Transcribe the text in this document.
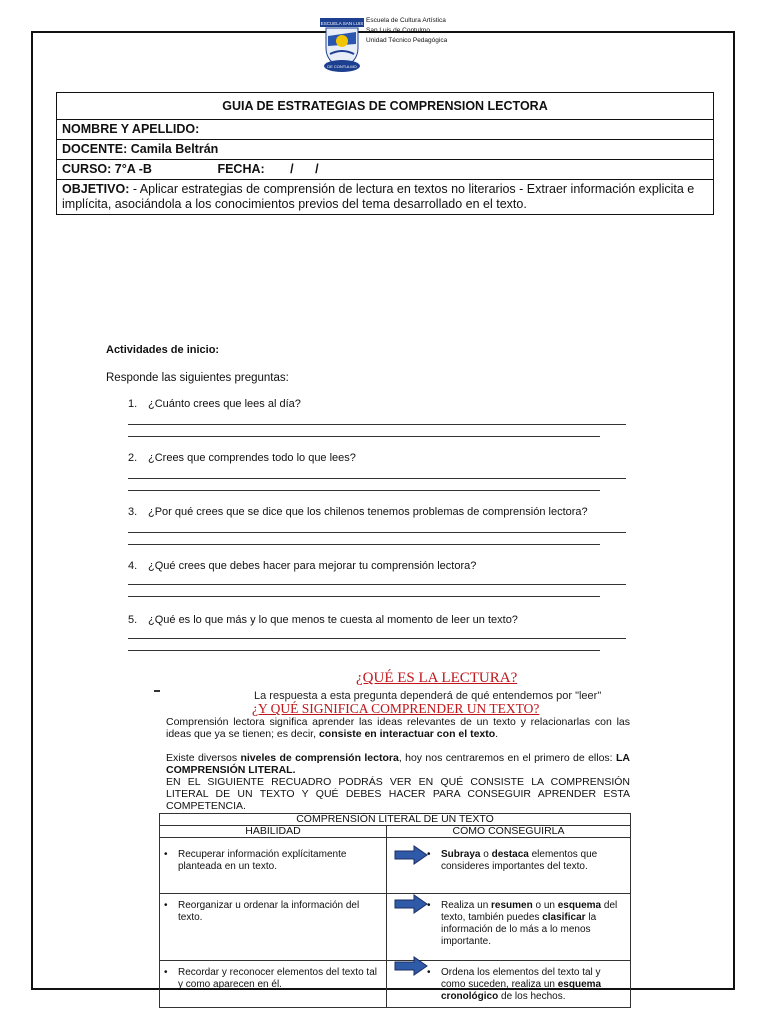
ESCUELA SAN LUIS
DE CONTULMO
Escuela de Cultura Artística
San Luis de Contulmo
Unidad Técnico Pedagógica
GUIA DE ESTRATEGIAS DE COMPRENSION LECTORA
NOMBRE Y APELLIDO:
DOCENTE: Camila Beltrán
CURSO: 7°A -B	FECHA: / /
OBJETIVO: - Aplicar estrategias de comprensión de lectura en textos no literarios - Extraer información explicita e implícita, asociándola a los conocimientos previos del tema desarrollado en el texto.

Actividades de inicio:

Responde las siguientes preguntas:

1. ¿Cuánto crees que lees al día?
2. ¿Crees que comprendes todo lo que lees?
3. ¿Por qué crees que se dice que los chilenos tenemos problemas de comprensión lectora?
4. ¿Qué crees que debes hacer para mejorar tu comprensión lectora?
5. ¿Qué es lo que más y lo que menos te cuesta al momento de leer un texto?
¿QUÉ ES LA LECTURA?
La respuesta a esta pregunta dependerá de qué entendemos por "leer"
¿Y QUÉ SIGNIFICA COMPRENDER UN TEXTO?
Comprensión lectora significa aprender las ideas relevantes de un texto y relacionarlas con las ideas que ya se tienen; es decir, consiste en interactuar con el texto.
Existe diversos niveles de comprensión lectora, hoy nos centraremos en el primero de ellos: LA COMPRENSIÓN LITERAL.
EN EL SIGUIENTE RECUADRO PODRÁS VER EN QUÉ CONSISTE LA COMPRENSIÓN LITERAL DE UN TEXTO Y QUÉ DEBES HACER PARA CONSEGUIR APRENDER ESTA COMPETENCIA.
COMPRENSIÓN LITERAL DE UN TEXTO	
HABILIDAD	CÓMO CONSEGUIRLA

• Recuperar información explícitamente planteada en un texto.	• Subraya o destaca elementos que consideres importantes del texto.

• Reorganizar u ordenar la información del texto.	• Realiza un resumen o un esquema del texto, también puedes clasificar la información de lo más a lo menos importante.

• Recordar y reconocer elementos del texto tal y como aparecen en él.	• Ordena los elementos del texto tal y como suceden, realiza un esquema cronológico de los hechos.
